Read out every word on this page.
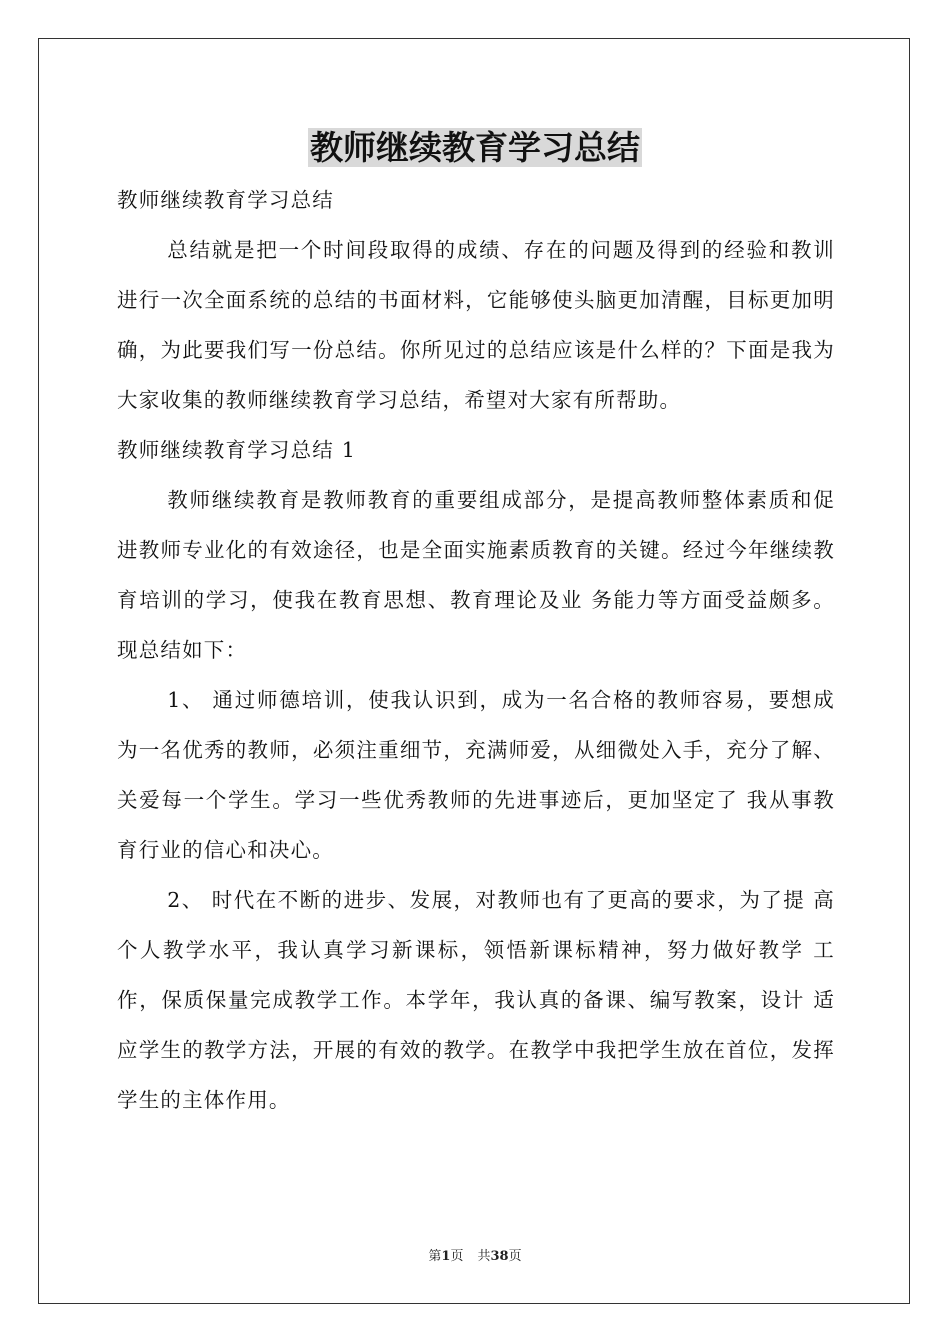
教师继续教育学习总结

教师继续教育学习总结

总结就是把一个时间段取得的成绩、存在的问题及得到的经验和教训进行一次全面系统的总结的书面材料，它能够使头脑更加清醒，目标更加明确，为此要我们写一份总结。你所见过的总结应该是什么样的？下面是我为大家收集的教师继续教育学习总结，希望对大家有所帮助。

教师继续教育学习总结 1

教师继续教育是教师教育的重要组成部分，是提高教师整体素质和促进教师专业化的有效途径，也是全面实施素质教育的关键。经过今年继续教育培训的学习，使我在教育思想、教育理论及业 务能力等方面受益颇多。现总结如下：

1、 通过师德培训，使我认识到，成为一名合格的教师容易，要想成为一名优秀的教师，必须注重细节，充满师爱，从细微处入手，充分了解、关爱每一个学生。学习一些优秀教师的先进事迹后，更加坚定了 我从事教育行业的信心和决心。

2、 时代在不断的进步、发展，对教师也有了更高的要求，为了提 高个人教学水平，我认真学习新课标，领悟新课标精神，努力做好教学 工作，保质保量完成教学工作。本学年，我认真的备课、编写教案，设计 适应学生的教学方法，开展的有效的教学。在教学中我把学生放在首位，发挥学生的主体作用。

第1页 共38页
